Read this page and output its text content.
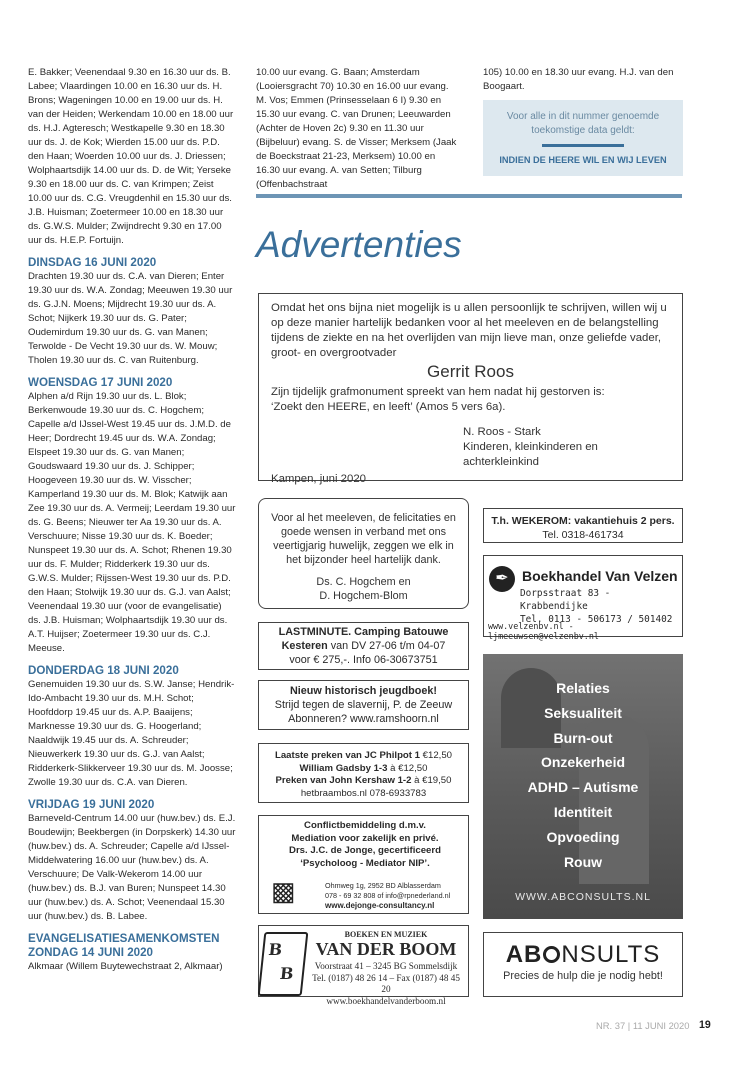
E. Bakker; Veenendaal 9.30 en 16.30 uur ds. B. Labee; Vlaardingen 10.00 en 16.30 uur ds. H. Brons; Wageningen 10.00 en 19.00 uur ds. H. van der Heiden; Werkendam 10.00 en 18.00 uur ds. H.J. Agteresch; Westkapelle 9.30 en 18.30 uur ds. J. de Kok; Wierden 15.00 uur ds. P.D. den Haan; Woerden 10.00 uur ds. J. Driessen; Wolphaartsdijk 14.00 uur ds. D. de Wit; Yerseke 9.30 en 18.00 uur ds. C. van Krimpen; Zeist 10.00 uur ds. C.G. Vreugdenhil en 15.30 uur ds. J.B. Huisman; Zoetermeer 10.00 en 18.30 uur ds. G.W.S. Mulder; Zwijndrecht 9.30 en 17.00 uur ds. H.E.P. Fortuijn.

DINSDAG 16 JUNI 2020

Drachten 19.30 uur ds. C.A. van Dieren; Enter 19.30 uur ds. W.A. Zondag; Meeuwen 19.30 uur ds. G.J.N. Moens; Mijdrecht 19.30 uur ds. A. Schot; Nijkerk 19.30 uur ds. G. Pater; Oudemirdum 19.30 uur ds. G. van Manen; Terwolde - De Vecht 19.30 uur ds. W. Mouw; Tholen 19.30 uur ds. C. van Ruitenburg.

WOENSDAG 17 JUNI 2020

Alphen a/d Rijn 19.30 uur ds. L. Blok; Berkenwoude 19.30 uur ds. C. Hogchem; Capelle a/d IJssel-West 19.45 uur ds. J.M.D. de Heer; Dordrecht 19.45 uur ds. W.A. Zondag; Elspeet 19.30 uur ds. G. van Manen; Goudswaard 19.30 uur ds. J. Schipper; Hoogeveen 19.30 uur ds. W. Visscher; Kamperland 19.30 uur ds. M. Blok; Katwijk aan Zee 19.30 uur ds. A. Vermeij; Leerdam 19.30 uur ds. G. Beens; Nieuwer ter Aa 19.30 uur ds. A. Verschuure; Nisse 19.30 uur ds. K. Boeder; Nunspeet 19.30 uur ds. A. Schot; Rhenen 19.30 uur ds. F. Mulder; Ridderkerk 19.30 uur ds. G.W.S. Mulder; Rijssen-West 19.30 uur ds. P.D. den Haan; Stolwijk 19.30 uur ds. G.J. van Aalst; Veenendaal 19.30 uur (voor de evangelisatie) ds. J.B. Huisman; Wolphaartsdijk 19.30 uur ds. A.T. Huijser; Zoetermeer 19.30 uur ds. C.J. Meeuse.

DONDERDAG 18 JUNI 2020

Genemuiden 19.30 uur ds. S.W. Janse; Hendrik-Ido-Ambacht 19.30 uur ds. M.H. Schot; Hoofddorp 19.45 uur ds. A.P. Baaijens; Marknesse 19.30 uur ds. G. Hoogerland; Naaldwijk 19.45 uur ds. A. Schreuder; Nieuwerkerk 19.30 uur ds. G.J. van Aalst; Ridderkerk-Slikkerveer 19.30 uur ds. M. Joosse; Zwolle 19.30 uur ds. C.A. van Dieren.

VRIJDAG 19 JUNI 2020

Barneveld-Centrum 14.00 uur (huw.bev.) ds. E.J. Boudewijn; Beekbergen (in Dorpskerk) 14.30 uur (huw.bev.) ds. A. Schreuder; Capelle a/d IJssel-Middelwatering 16.00 uur (huw.bev.) ds. A. Verschuure; De Valk-Wekerom 14.00 uur (huw.bev.) ds. B.J. van Buren; Nunspeet 14.30 uur (huw.bev.) ds. A. Schot; Veenendaal 15.30 uur (huw.bev.) ds. B. Labee.

EVANGELISATIESAMENKOMSTEN ZONDAG 14 JUNI 2020

Alkmaar (Willem Buytewechstraat 2, Alkmaar)

10.00 uur evang. G. Baan; Amsterdam (Looiersgracht 70) 10.30 en 16.00 uur evang. M. Vos; Emmen (Prinsesselaan 6 I) 9.30 en 15.30 uur evang. C. van Drunen; Leeuwarden (Achter de Hoven 2c) 9.30 en 11.30 uur (Bijbeluur) evang. S. de Visser; Merksem (Jaak de Boeckstraat 21-23, Merksem) 10.00 en 16.30 uur evang. A. van Setten; Tilburg (Offenbachstraat

105) 10.00 en 18.30 uur evang. H.J. van den Boogaart.

Voor alle in dit nummer genoemde
toekomstige data geldt:
INDIEN DE HEERE WIL EN WIJ LEVEN
Advertenties
Omdat het ons bijna niet mogelijk is u allen persoonlijk te schrijven, willen wij u op deze manier hartelijk bedanken voor al het meeleven en de belangstelling tijdens de ziekte en na het overlijden van mijn lieve man, onze geliefde vader, groot- en overgrootvader
Gerrit Roos
Zijn tijdelijk grafmonument spreekt van hem nadat hij gestorven is:
‘Zoekt den HEERE, en leeft’ (Amos 5 vers 6a).
N. Roos - Stark
Kinderen, kleinkinderen en achterkleinkind
Kampen, juni 2020
Voor al het meeleven, de felicitaties en goede wensen in verband met ons veertigjarig huwelijk, zeggen we elk in het bijzonder heel hartelijk dank.
Ds. C. Hogchem en
D. Hogchem-Blom
T.h. WEKEROM: vakantiehuis 2 pers.
Tel. 0318-461734
✒ Boekhandel Van Velzen
Dorpsstraat 83 - Krabbendijke
Tel. 0113 - 506173 / 501402
www.velzenbv.nl - ljmeeuwsen@velzenbv.nl
LASTMINUTE. Camping Batouwe
Kesteren van DV 27-06 t/m 04-07
voor € 275,-. Info 06-30673751
Nieuw historisch jeugdboek!
Strijd tegen de slavernij, P. de Zeeuw
Abonneren? www.ramshoorn.nl
Laatste preken van JC Philpot 1 €12,50
William Gadsby 1-3 à €12,50
Preken van John Kershaw 1-2 à €19,50
hetbraambos.nl 078-6933783
Conflictbemiddeling d.m.v.
Mediation voor zakelijk en privé.
Drs. J.C. de Jonge, gecertificeerd
‘Psycholoog - Mediator NIP’.
▩	Ohmweg 1g, 2952 BD Alblasserdam
078 - 69 32 808 of info@rpnederland.nl
www.dejonge-consultancy.nl
B
B
BOEKEN EN MUZIEK
VAN DER BOOM
Voorstraat 41 – 3245 BG Sommelsdijk
Tel. (0187) 48 26 14 – Fax (0187) 48 45 20
www.boekhandelvanderboom.nl
Relaties
Seksualiteit
Burn-out
Onzekerheid
ADHD – Autisme
Identiteit
Opvoeding
Rouw
WWW.ABCONSULTS.NL
AB NSULTS
Precies de hulp die je nodig hebt!
NR. 37 | 11 JUNI 2020 19
